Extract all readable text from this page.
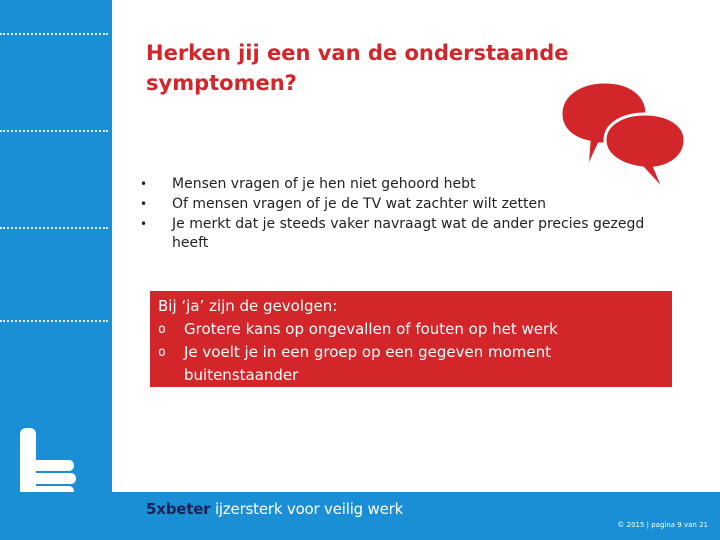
Herken jij een van de onderstaande symptomen?
• Mensen vragen of je hen niet gehoord hebt
• Of mensen vragen of je de TV wat zachter wilt zetten
• Je merkt dat je steeds vaker navraagt wat de ander precies gezegd heeft
Bij ‘ja’ zijn de gevolgen:
o Grotere kans op ongevallen of fouten op het werk
o Je voelt je in een groep op een gegeven moment
buitenstaander
5xbeter ijzersterk voor veilig werk
© 2015 | pagina 9 van 21
